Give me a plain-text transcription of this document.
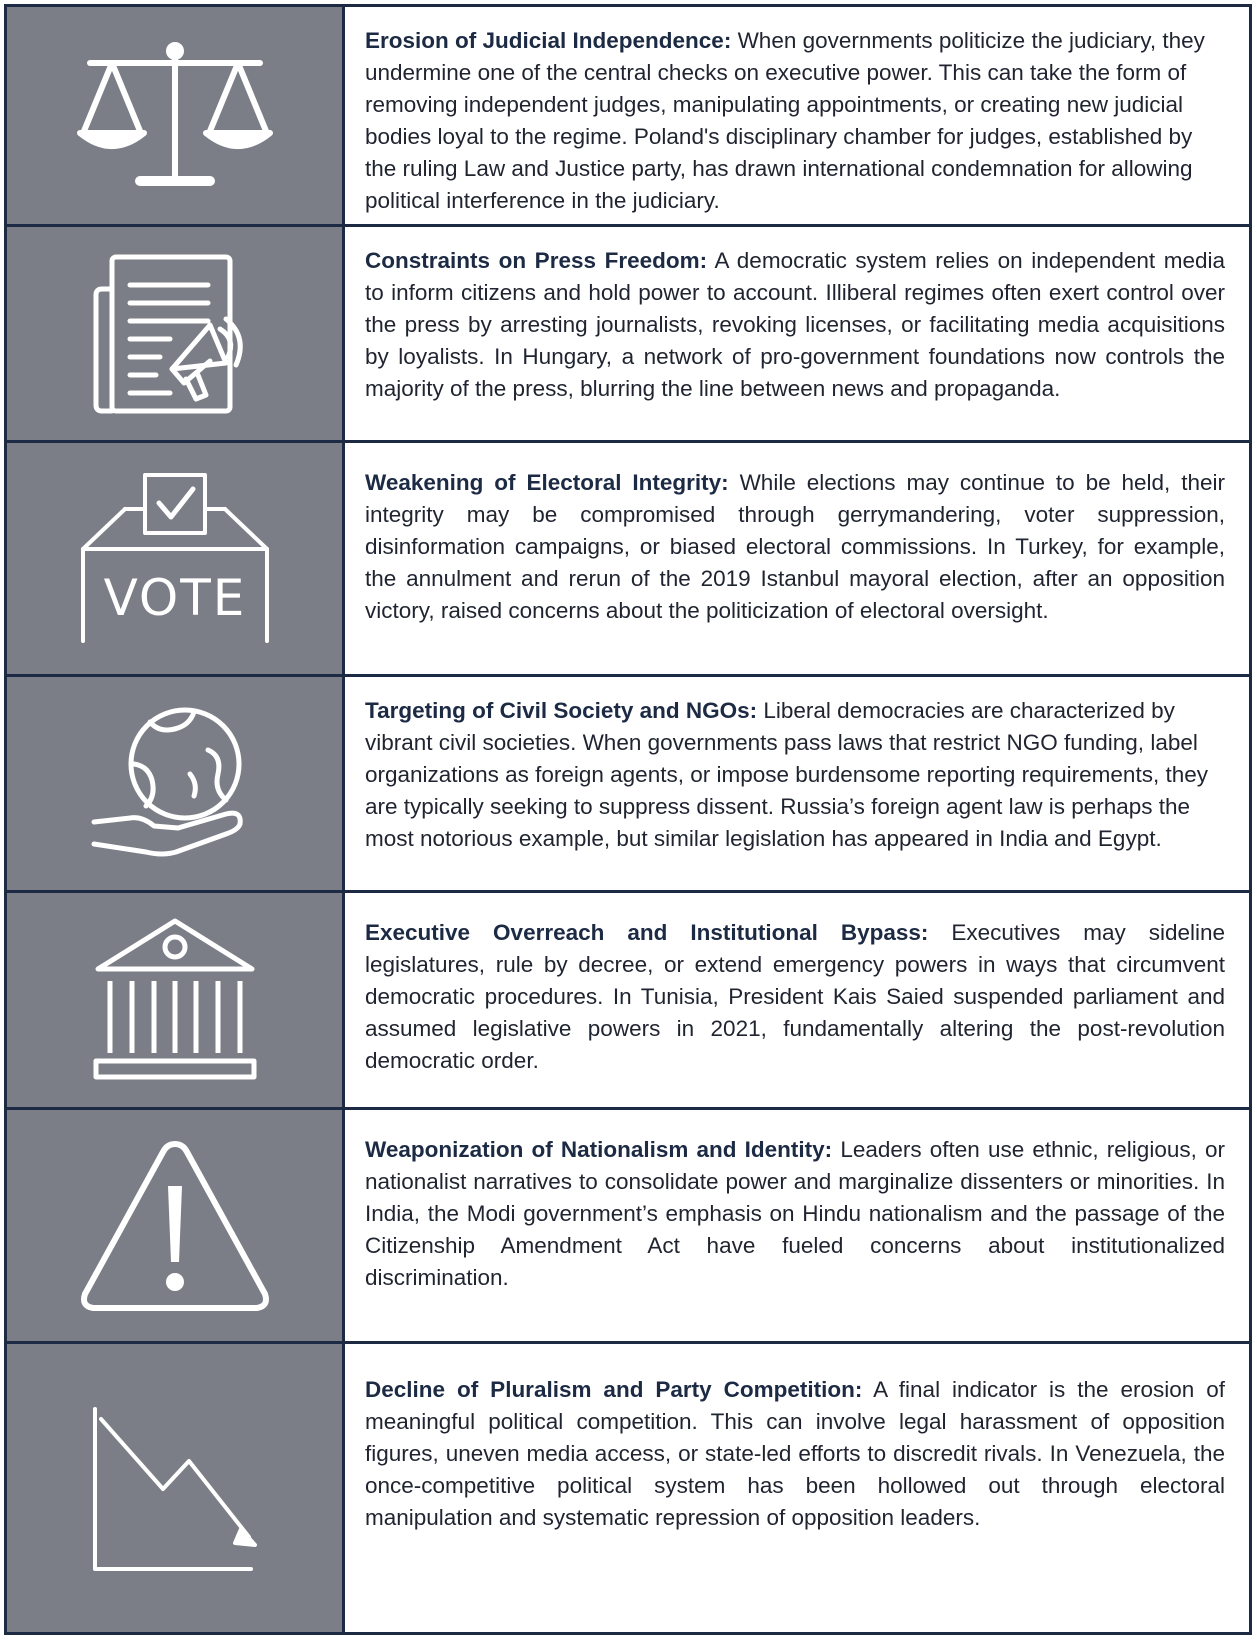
Erosion of Judicial Independence: When governments politicize the judiciary, they undermine one of the central checks on executive power. This can take the form of removing independent judges, manipulating appointments, or creating new judicial bodies loyal to the regime. Poland's disciplinary chamber for judges, established by the ruling Law and Justice party, has drawn international condemnation for allowing political interference in the judiciary.
Constraints on Press Freedom: A democratic system relies on independent media to inform citizens and hold power to account. Illiberal regimes often exert control over the press by arresting journalists, revoking licenses, or facilitating media acquisitions by loyalists. In Hungary, a network of pro-government foundations now controls the majority of the press, blurring the line between news and propaganda.
VOTE
Weakening of Electoral Integrity: While elections may continue to be held, their integrity may be compromised through gerrymandering, voter suppression, disinformation campaigns, or biased electoral commissions. In Turkey, for example, the annulment and rerun of the 2019 Istanbul mayoral election, after an opposition victory, raised concerns about the politicization of electoral oversight.
Targeting of Civil Society and NGOs: Liberal democracies are characterized by vibrant civil societies. When governments pass laws that restrict NGO funding, label organizations as foreign agents, or impose burdensome reporting requirements, they are typically seeking to suppress dissent. Russia’s foreign agent law is perhaps the most notorious example, but similar legislation has appeared in India and Egypt.
Executive Overreach and Institutional Bypass: Executives may sideline legislatures, rule by decree, or extend emergency powers in ways that circumvent democratic procedures. In Tunisia, President Kais Saied suspended parliament and assumed legislative powers in 2021, fundamentally altering the post-revolution democratic order.
Weaponization of Nationalism and Identity: Leaders often use ethnic, religious, or nationalist narratives to consolidate power and marginalize dissenters or minorities. In India, the Modi government’s emphasis on Hindu nationalism and the passage of the Citizenship Amendment Act have fueled concerns about institutionalized discrimination.
Decline of Pluralism and Party Competition: A final indicator is the erosion of meaningful political competition. This can involve legal harassment of opposition figures, uneven media access, or state-led efforts to discredit rivals. In Venezuela, the once-competitive political system has been hollowed out through electoral manipulation and systematic repression of opposition leaders.
